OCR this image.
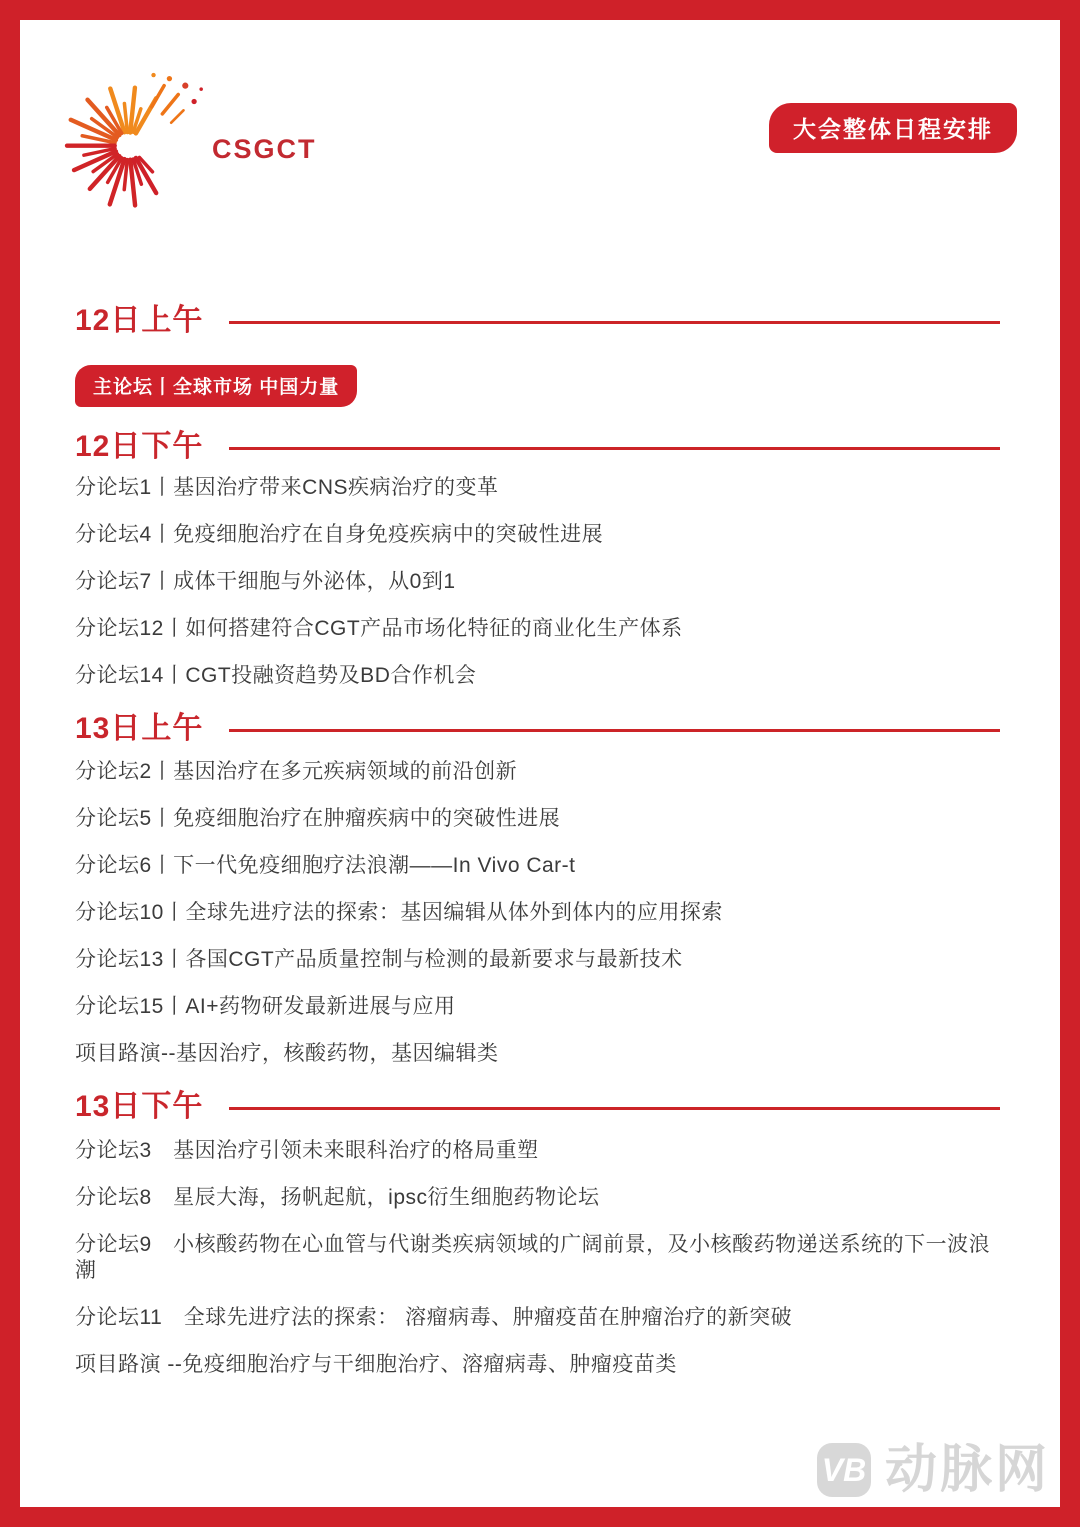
CSGCT
大会整体日程安排
12日上午
主论坛丨全球市场 中国力量
12日下午
分论坛1丨基因治疗带来CNS疾病治疗的变革
分论坛4丨免疫细胞治疗在自身免疫疾病中的突破性进展
分论坛7丨成体干细胞与外泌体，从0到1
分论坛12丨如何搭建符合CGT产品市场化特征的商业化生产体系
分论坛14丨CGT投融资趋势及BD合作机会
13日上午
分论坛2丨基因治疗在多元疾病领域的前沿创新
分论坛5丨免疫细胞治疗在肿瘤疾病中的突破性进展
分论坛6丨下一代免疫细胞疗法浪潮——In Vivo Car-t
分论坛10丨全球先进疗法的探索：基因编辑从体外到体内的应用探索
分论坛13丨各国CGT产品质量控制与检测的最新要求与最新技术
分论坛15丨AI+药物研发最新进展与应用
项目路演--基因治疗，核酸药物，基因编辑类
13日下午
分论坛3　基因治疗引领未来眼科治疗的格局重塑
分论坛8　星辰大海，扬帆起航，ipsc衍生细胞药物论坛
分论坛9　小核酸药物在心血管与代谢类疾病领域的广阔前景，及小核酸药物递送系统的下一波浪潮
分论坛11　全球先进疗法的探索： 溶瘤病毒、肿瘤疫苗在肿瘤治疗的新突破
项目路演 --免疫细胞治疗与干细胞治疗、溶瘤病毒、肿瘤疫苗类
VB 动脉网
